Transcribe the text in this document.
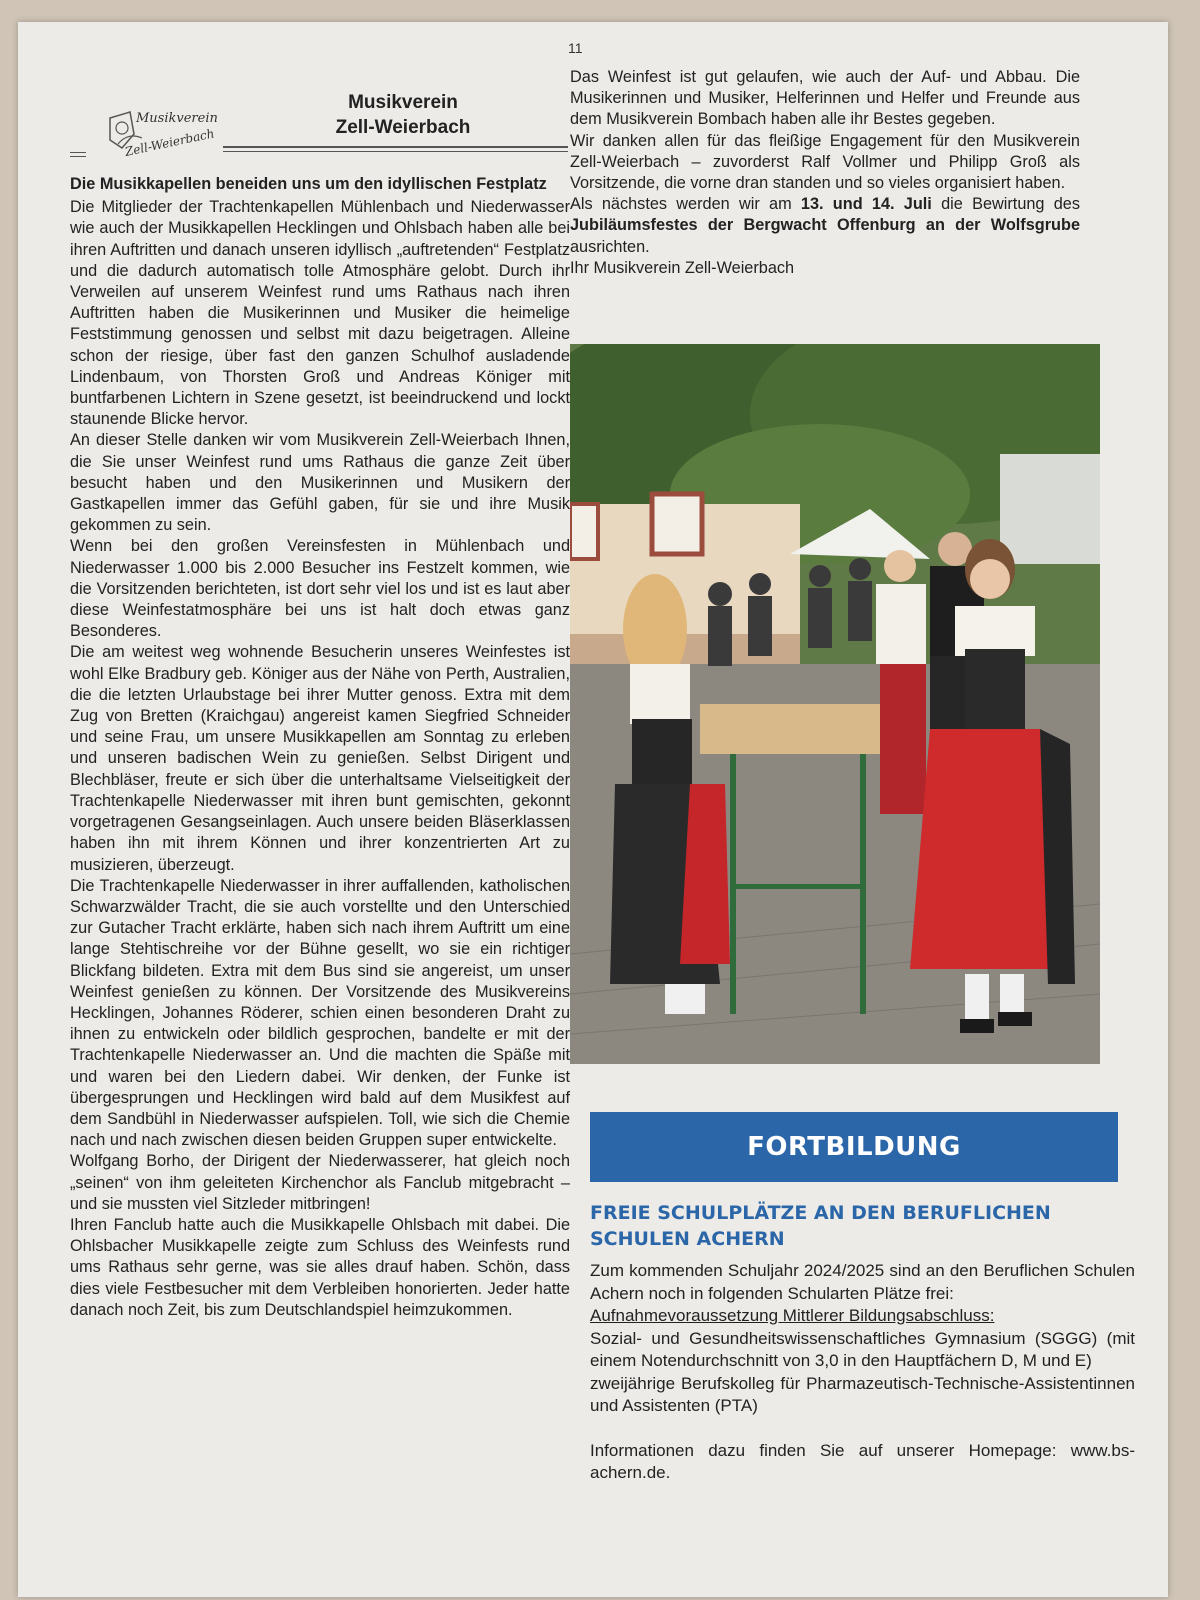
11
Musikverein
Zell-Weierbach
Musikverein
Zell-Weierbach
Die Musikkapellen beneiden uns um den idyllischen Festplatz

Die Mitglieder der Trachtenkapellen Mühlenbach und Niederwasser wie auch der Musikkapellen Hecklingen und Ohlsbach haben alle bei ihren Auftritten und danach unseren idyllisch „auftretenden“ Festplatz und die dadurch automatisch tolle Atmosphäre gelobt. Durch ihr Verweilen auf unserem Weinfest rund ums Rathaus nach ihren Auftritten haben die Musikerinnen und Musiker die heimelige Feststimmung genossen und selbst mit dazu beigetragen. Alleine schon der riesige, über fast den ganzen Schulhof ausladende Lindenbaum, von Thorsten Groß und Andreas Königer mit buntfarbenen Lichtern in Szene gesetzt, ist beeindruckend und lockt staunende Blicke hervor.

An dieser Stelle danken wir vom Musikverein Zell-Weierbach Ihnen, die Sie unser Weinfest rund ums Rathaus die ganze Zeit über besucht haben und den Musikerinnen und Musikern der Gastkapellen immer das Gefühl gaben, für sie und ihre Musik gekommen zu sein.

Wenn bei den großen Vereinsfesten in Mühlenbach und Niederwasser 1.000 bis 2.000 Besucher ins Festzelt kommen, wie die Vorsitzenden berichteten, ist dort sehr viel los und ist es laut aber diese Weinfestatmosphäre bei uns ist halt doch etwas ganz Besonderes.

Die am weitest weg wohnende Besucherin unseres Weinfestes ist wohl Elke Bradbury geb. Königer aus der Nähe von Perth, Australien, die die letzten Urlaubstage bei ihrer Mutter genoss. Extra mit dem Zug von Bretten (Kraichgau) angereist kamen Siegfried Schneider und seine Frau, um unsere Musikkapellen am Sonntag zu erleben und unseren badischen Wein zu genießen. Selbst Dirigent und Blechbläser, freute er sich über die unterhaltsame Vielseitigkeit der Trachtenkapelle Niederwasser mit ihren bunt gemischten, gekonnt vorgetragenen Gesangseinlagen. Auch unsere beiden Bläserklassen haben ihn mit ihrem Können und ihrer konzentrierten Art zu musizieren, überzeugt.

Die Trachtenkapelle Niederwasser in ihrer auffallenden, katholischen Schwarzwälder Tracht, die sie auch vorstellte und den Unterschied zur Gutacher Tracht erklärte, haben sich nach ihrem Auftritt um eine lange Stehtischreihe vor der Bühne gesellt, wo sie ein richtiger Blickfang bildeten. Extra mit dem Bus sind sie angereist, um unser Weinfest genießen zu können. Der Vorsitzende des Musikvereins Hecklingen, Johannes Röderer, schien einen besonderen Draht zu ihnen zu entwickeln oder bildlich gesprochen, bandelte er mit der Trachtenkapelle Niederwasser an. Und die machten die Späße mit und waren bei den Liedern dabei. Wir denken, der Funke ist übergesprungen und Hecklingen wird bald auf dem Musikfest auf dem Sandbühl in Niederwasser aufspielen. Toll, wie sich die Chemie nach und nach zwischen diesen beiden Gruppen super entwickelte.

Wolfgang Borho, der Dirigent der Niederwasserer, hat gleich noch „seinen“ von ihm geleiteten Kirchenchor als Fanclub mitgebracht – und sie mussten viel Sitzleder mitbringen!

Ihren Fanclub hatte auch die Musikkapelle Ohlsbach mit dabei. Die Ohlsbacher Musikkapelle zeigte zum Schluss des Weinfests rund ums Rathaus sehr gerne, was sie alles drauf haben. Schön, dass dies viele Festbesucher mit dem Verbleiben honorierten. Jeder hatte danach noch Zeit, bis zum Deutschlandspiel heimzukommen.

Das Weinfest ist gut gelaufen, wie auch der Auf- und Abbau. Die Musikerinnen und Musiker, Helferinnen und Helfer und Freunde aus dem Musikverein Bombach haben alle ihr Bestes gegeben.

Wir danken allen für das fleißige Engagement für den Musikverein Zell-Weierbach – zuvorderst Ralf Vollmer und Philipp Groß als Vorsitzende, die vorne dran standen und so vieles organisiert haben.

Als nächstes werden wir am 13. und 14. Juli die Bewirtung des Jubiläumsfestes der Bergwacht Offenburg an der Wolfsgrube ausrichten.

Ihr Musikverein Zell-Weierbach

FORTBILDUNG
FREIE SCHULPLÄTZE AN DEN BERUFLICHEN SCHULEN ACHERN

Zum kommenden Schuljahr 2024/2025 sind an den Beruflichen Schulen Achern noch in folgenden Schularten Plätze frei:

Aufnahmevoraussetzung Mittlerer Bildungsabschluss:

Sozial- und Gesundheitswissenschaftliches Gymnasium (SGGG) (mit einem Notendurchschnitt von 3,0 in den Hauptfächern D, M und E)

zweijährige Berufskolleg für Pharmazeutisch-Technische-Assistentinnen und Assistenten (PTA)

Informationen dazu finden Sie auf unserer Homepage: www.bs-achern.de.
